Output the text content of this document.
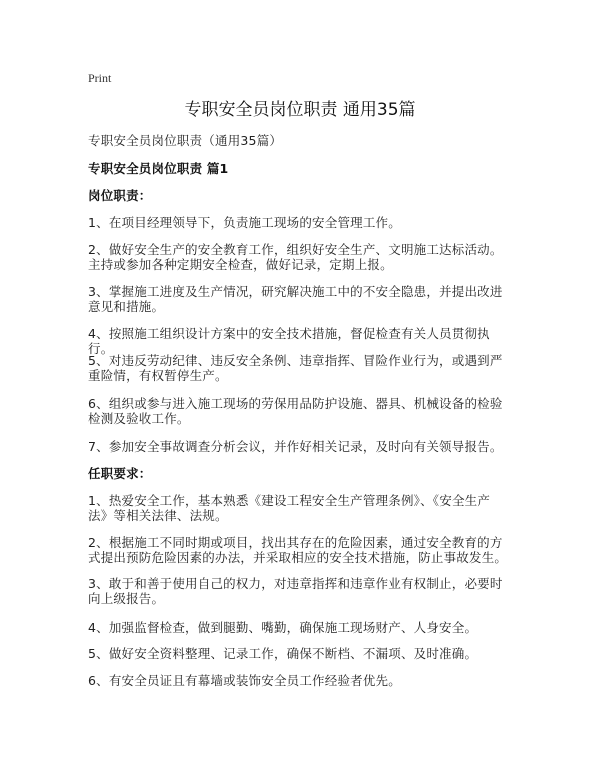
Print
专职安全员岗位职责 通用35篇
专职安全员岗位职责（通用35篇）
专职安全员岗位职责 篇1
岗位职责：
1、在项目经理领导下，负责施工现场的安全管理工作。
2、做好安全生产的安全教育工作，组织好安全生产、文明施工达标活动。主持或参加各种定期安全检查，做好记录，定期上报。
3、掌握施工进度及生产情况，研究解决施工中的不安全隐患，并提出改进意见和措施。
4、按照施工组织设计方案中的安全技术措施，督促检查有关人员贯彻执行。
5、对违反劳动纪律、违反安全条例、违章指挥、冒险作业行为，或遇到严重险情，有权暂停生产。
6、组织或参与进入施工现场的劳保用品防护设施、器具、机械设备的检验检测及验收工作。
7、参加安全事故调查分析会议，并作好相关记录，及时向有关领导报告。
任职要求：
1、热爱安全工作，基本熟悉《建设工程安全生产管理条例》、《安全生产法》等相关法律、法规。
2、根据施工不同时期或项目，找出其存在的危险因素，通过安全教育的方式提出预防危险因素的办法，并采取相应的安全技术措施，防止事故发生。
3、敢于和善于使用自己的权力，对违章指挥和违章作业有权制止，必要时向上级报告。
4、加强监督检查，做到腿勤、嘴勤，确保施工现场财产、人身安全。
5、做好安全资料整理、记录工作，确保不断档、不漏项、及时准确。
6、有安全员证且有幕墙或装饰安全员工作经验者优先。
